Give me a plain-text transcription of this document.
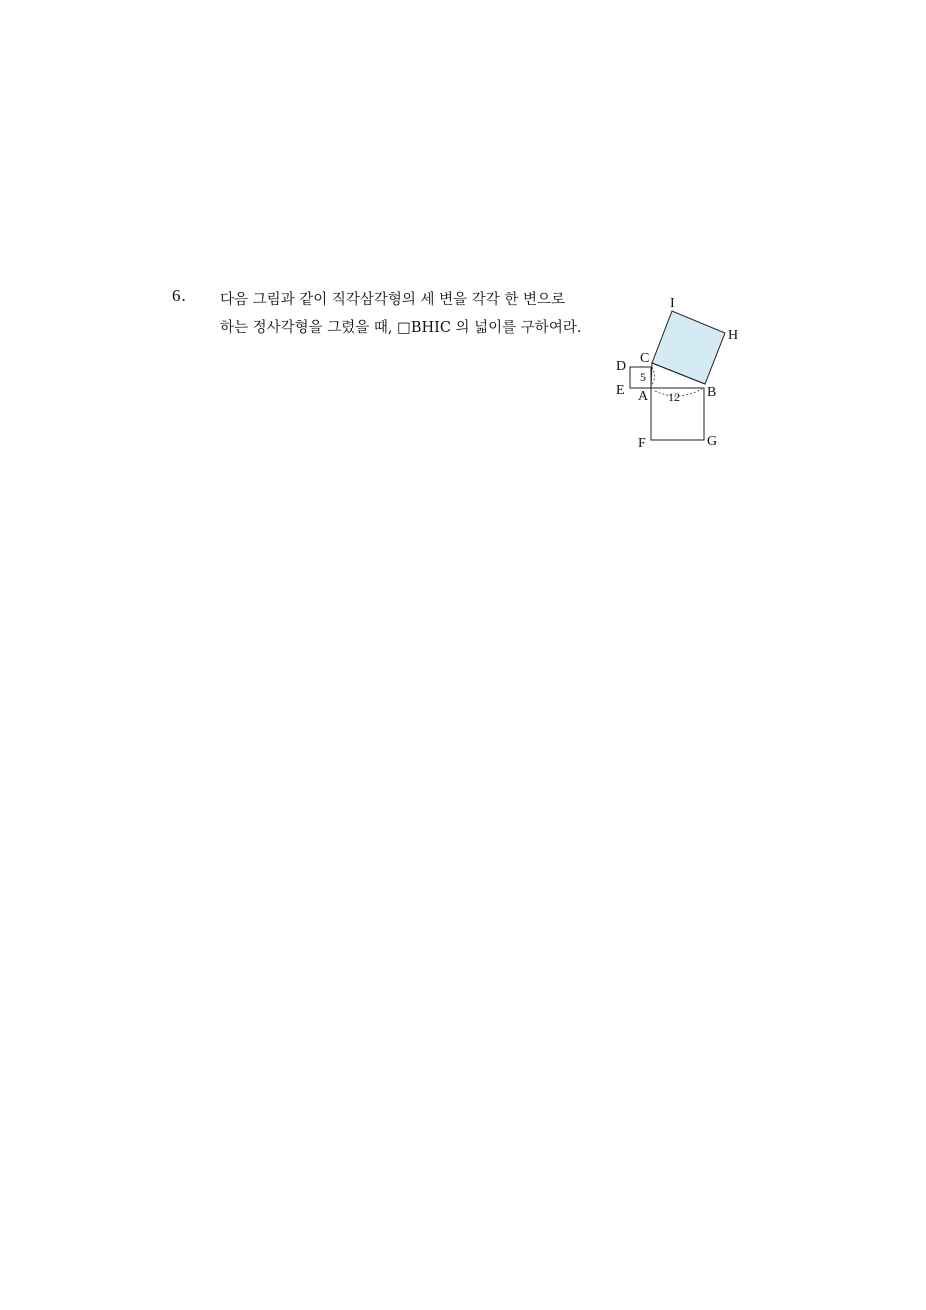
6. 다음 그림과 같이 직각삼각형의 세 변을 각각 한 변으로
하는 정사각형을 그렸을 때, □BHIC 의 넓이를 구하여라.
I
H
C
D
E A	B
F	G
5
12
